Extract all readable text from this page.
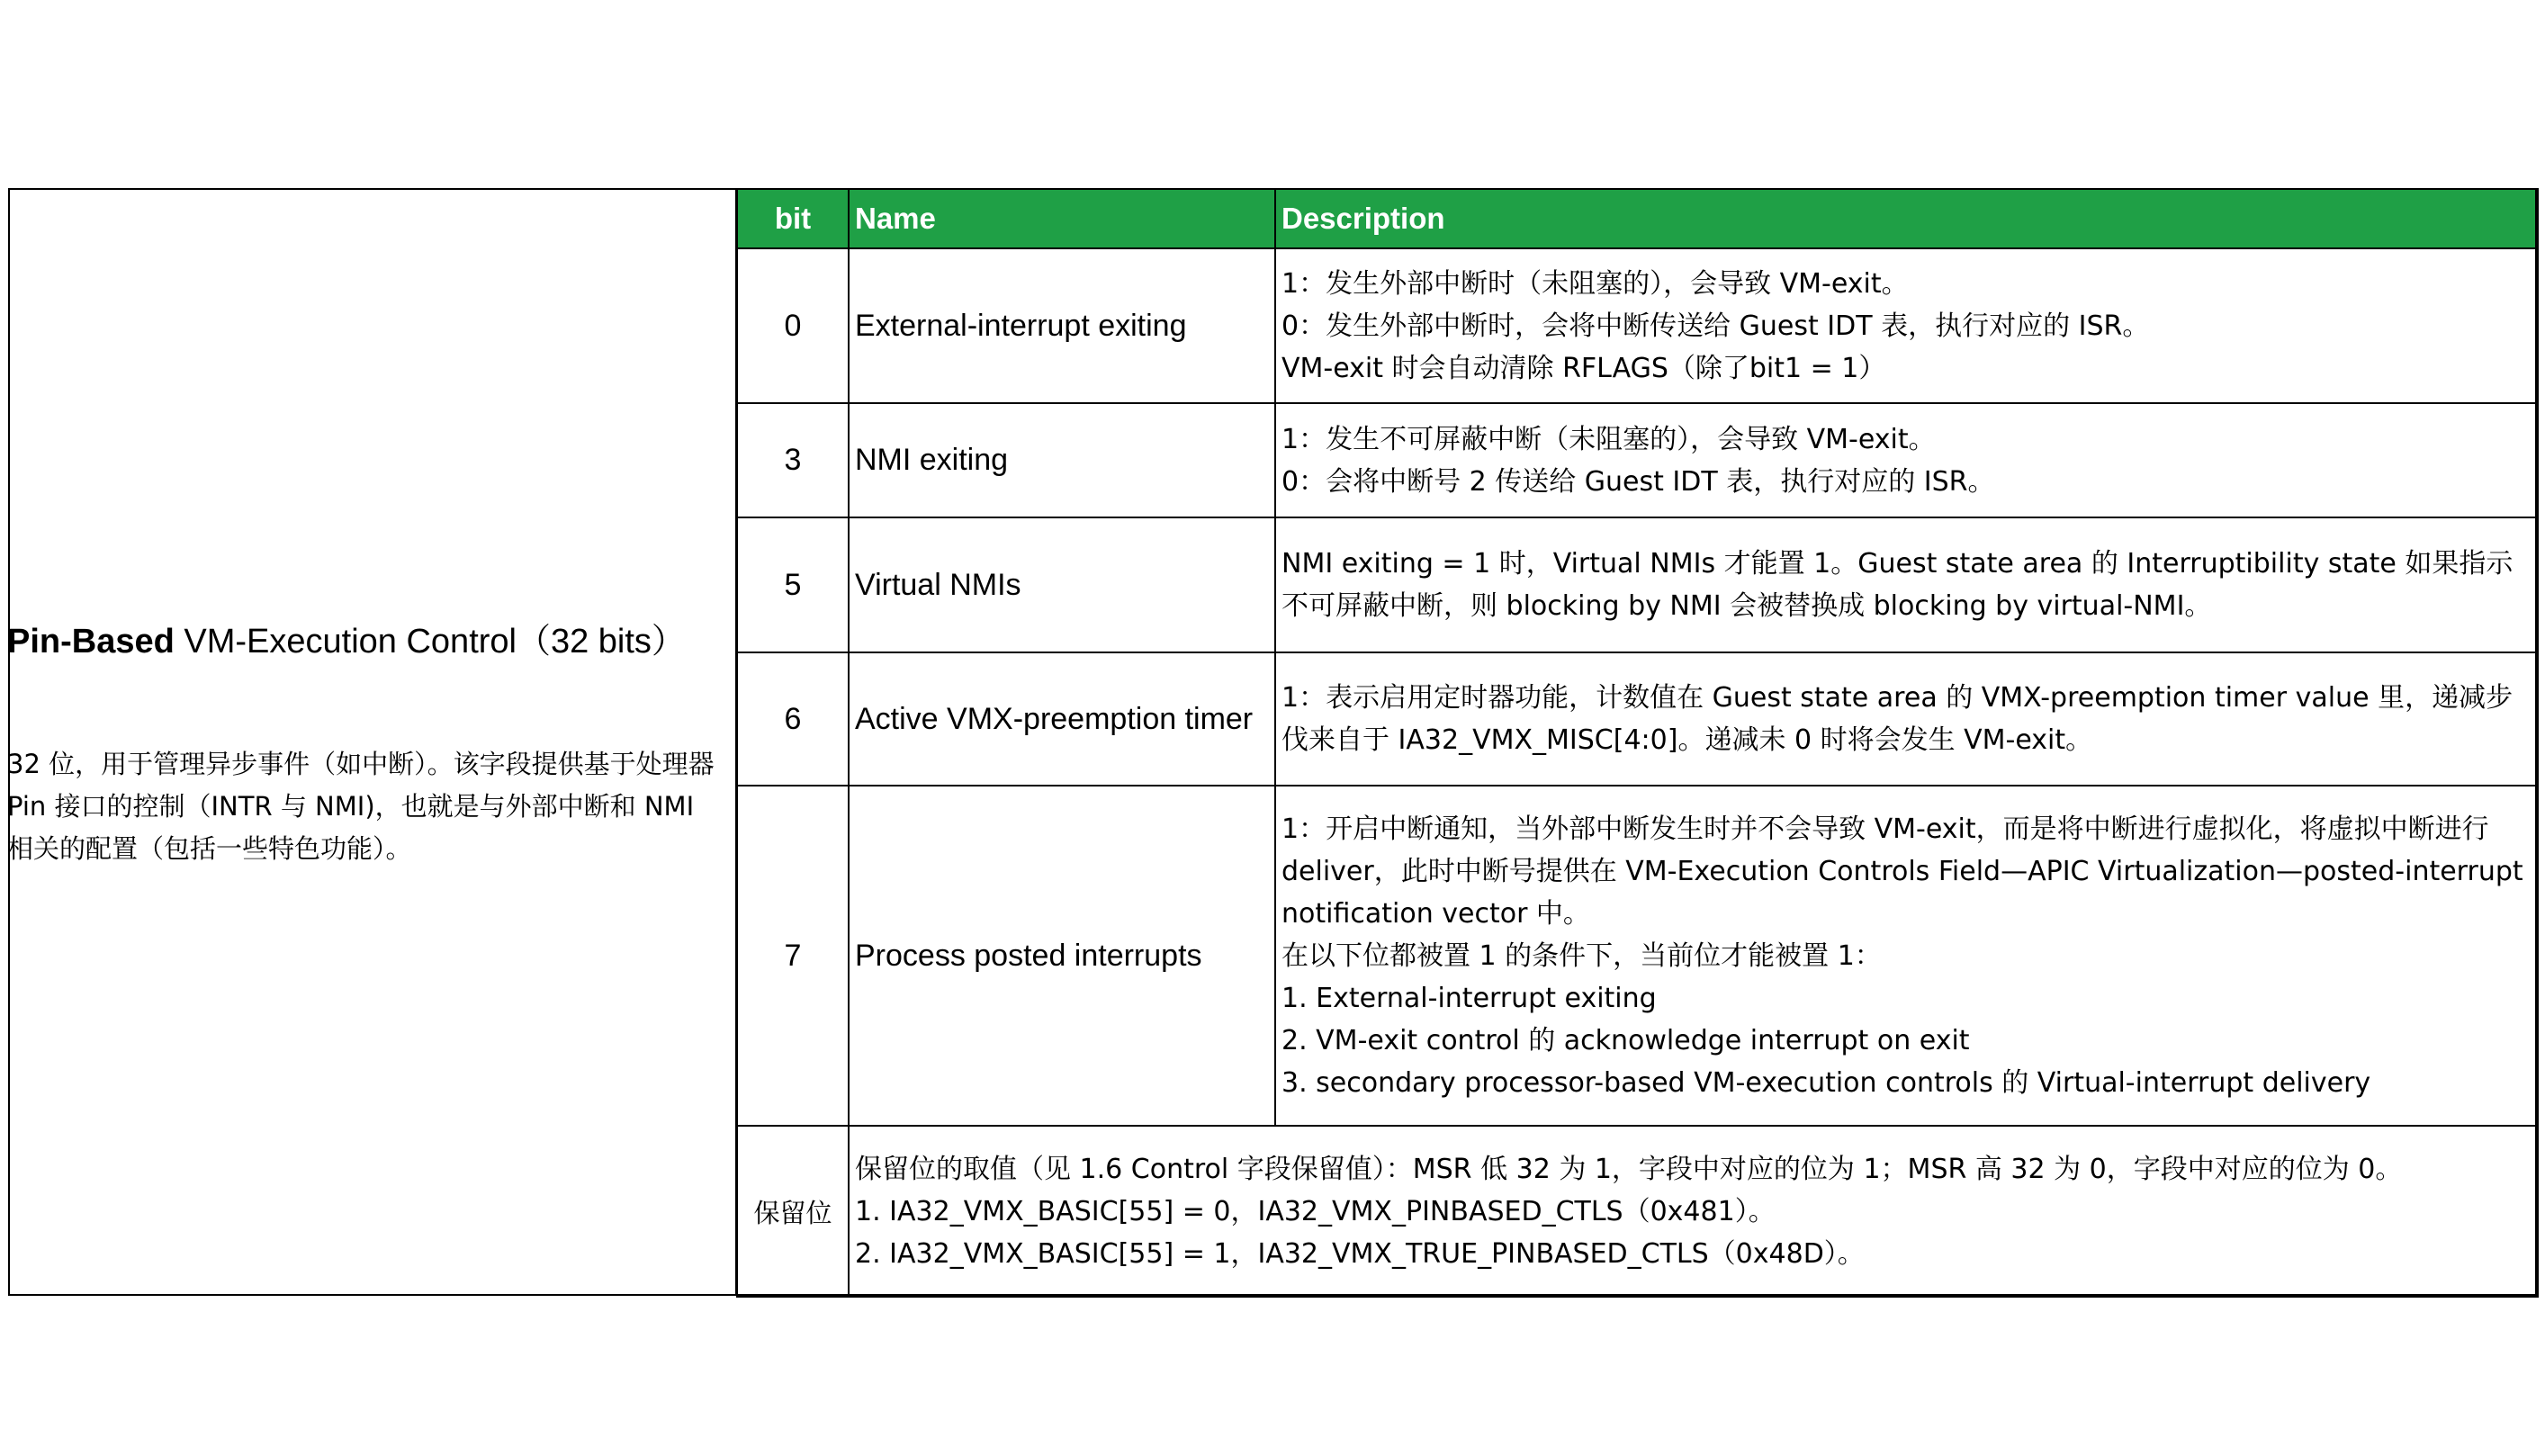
Pin-Based VM-Execution Control（32 bits）
32 位，用于管理异步事件（如中断）。该字段提供基于处理器 Pin 接口的控制（INTR 与 NMI)，也就是与外部中断和 NMI 相关的配置（包括一些特色功能）。
bit	Name	Description
0	External-interrupt exiting	1：发生外部中断时（未阻塞的），会导致 VM-exit。
0：发生外部中断时，会将中断传送给 Guest IDT 表，执行对应的 ISR。
VM-exit 时会自动清除 RFLAGS（除了bit1 = 1）

3	NMI exiting	1：发生不可屏蔽中断（未阻塞的），会导致 VM-exit。
0：会将中断号 2 传送给 Guest IDT 表，执行对应的 ISR。

5	Virtual NMIs	NMI exiting = 1 时，Virtual NMIs 才能置 1。Guest state area 的 Interruptibility state 如果指示不可屏蔽中断，则 blocking by NMI 会被替换成 blocking by virtual-NMI。

6	Active VMX-preemption timer	1：表示启用定时器功能，计数值在 Guest state area 的 VMX-preemption timer value 里，递减步伐来自于 IA32_VMX_MISC[4:0]。递减未 0 时将会发生 VM-exit。

7	Process posted interrupts	1：开启中断通知，当外部中断发生时并不会导致 VM-exit，而是将中断进行虚拟化，将虚拟中断进行 deliver，此时中断号提供在 VM-Execution Controls Field—APIC Virtualization—posted-interrupt notification vector 中。
在以下位都被置 1 的条件下，当前位才能被置 1：
1. External-interrupt exiting
2. VM-exit control 的 acknowledge interrupt on exit
3. secondary processor-based VM-execution controls 的 Virtual-interrupt delivery

保留位	保留位的取值（见 1.6 Control 字段保留值）：MSR 低 32 为 1，字段中对应的位为 1；MSR 高 32 为 0，字段中对应的位为 0。
1. IA32_VMX_BASIC[55] = 0，IA32_VMX_PINBASED_CTLS（0x481）。
2. IA32_VMX_BASIC[55] = 1，IA32_VMX_TRUE_PINBASED_CTLS（0x48D）。	
